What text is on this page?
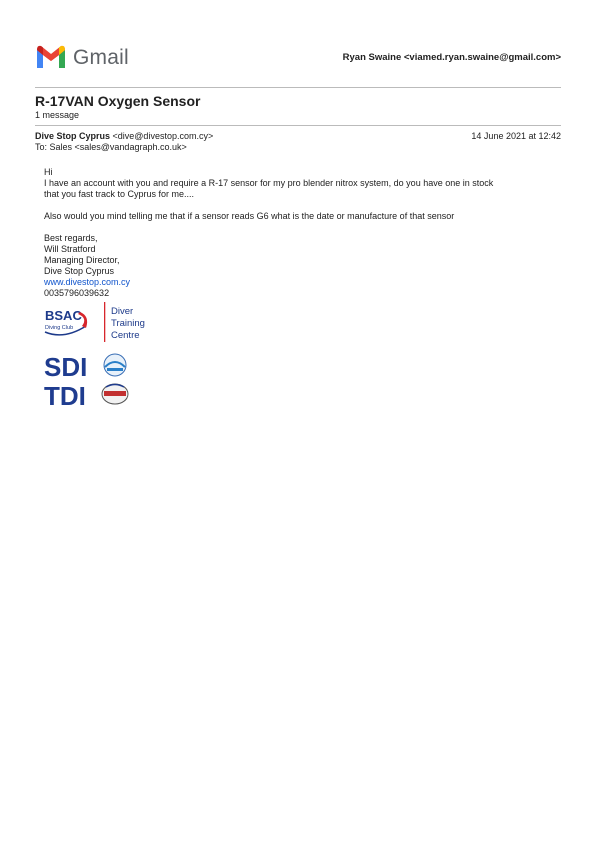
Gmail	Ryan Swaine <viamed.ryan.swaine@gmail.com>
R-17VAN Oxygen Sensor
1 message
Dive Stop Cyprus <dive@divestop.com.cy>	14 June 2021 at 12:42
To: Sales <sales@vandagraph.co.uk>
Hi
I have an account with you and require a R-17 sensor for my pro blender nitrox system, do you have one in stock
that you fast track to Cyprus for me....
Also would you mind telling me that if a sensor reads G6 what is the date or manufacture of that sensor
Best regards,
Will Stratford
Managing Director,
Dive Stop Cyprus
www.divestop.com.cy
0035796039632
BSAC
Diving Club
Diver
Training
Centre
SDI
TDI
